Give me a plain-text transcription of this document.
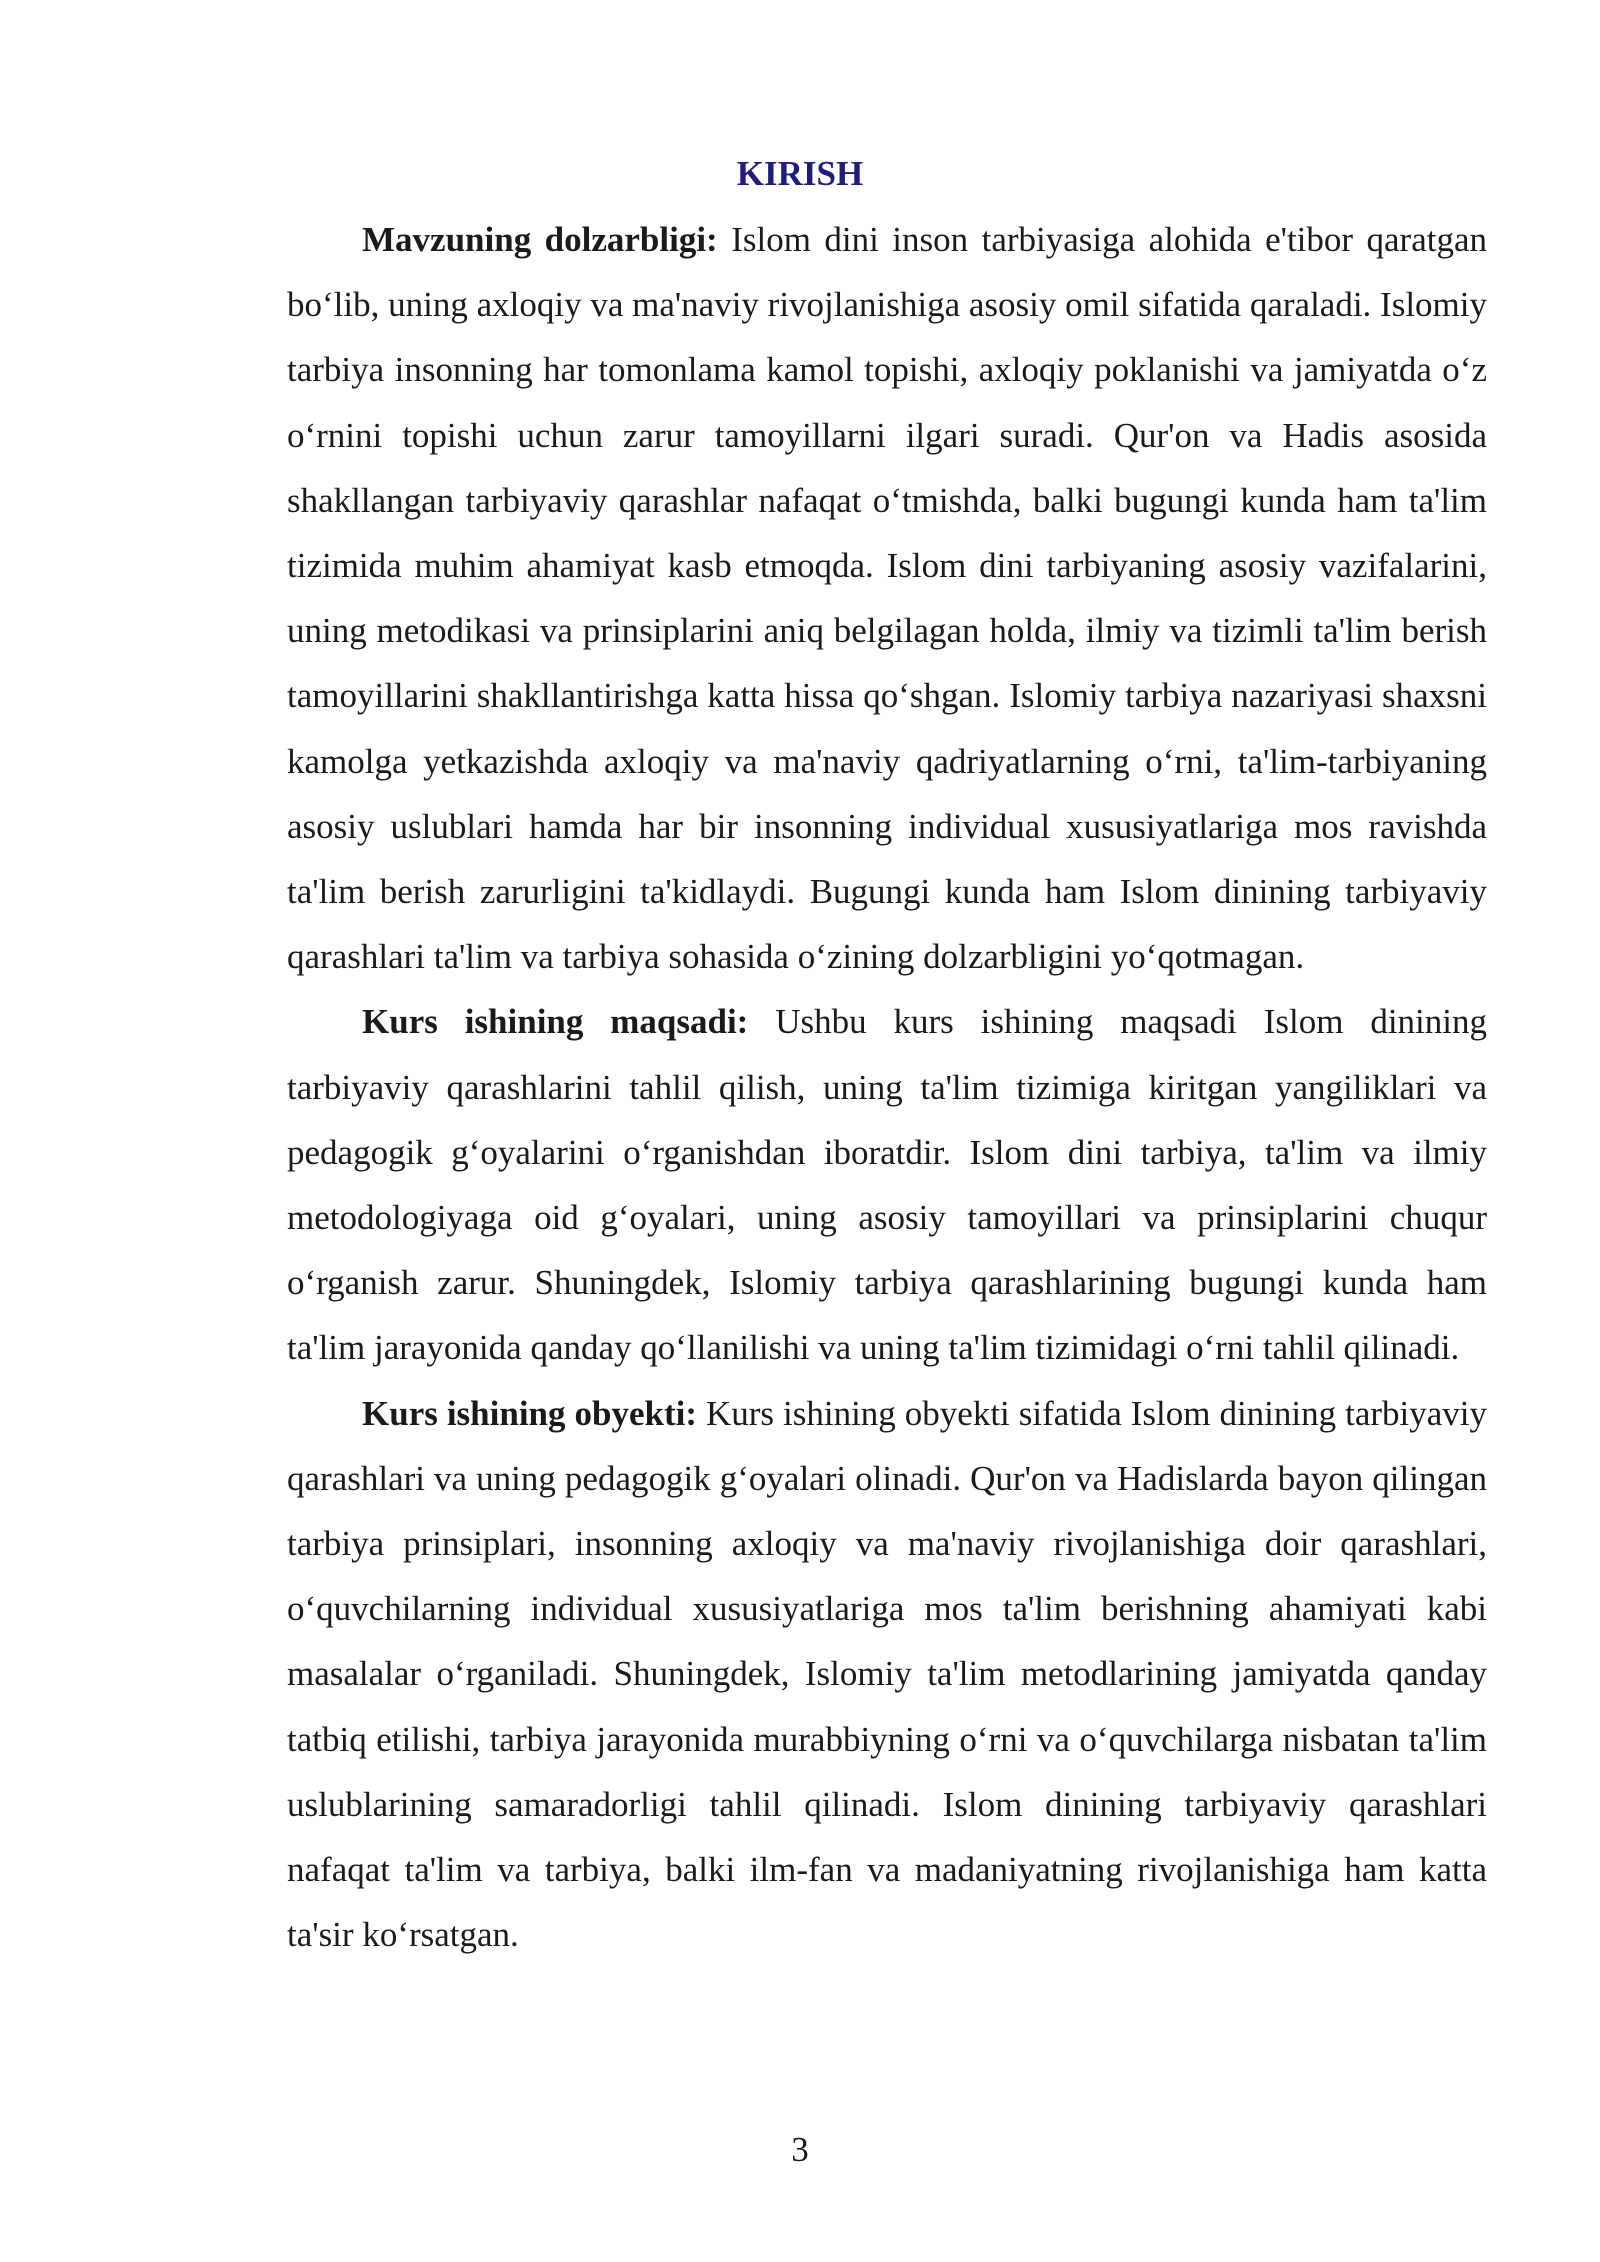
KIRISH

Mavzuning dolzarbligi: Islom dini inson tarbiyasiga alohida e'tibor qaratgan bo‘lib, uning axloqiy va ma'naviy rivojlanishiga asosiy omil sifatida qaraladi. Islomiy tarbiya insonning har tomonlama kamol topishi, axloqiy poklanishi va jamiyatda o‘z o‘rnini topishi uchun zarur tamoyillarni ilgari suradi. Qur'on va Hadis asosida shakllangan tarbiyaviy qarashlar nafaqat o‘tmishda, balki bugungi kunda ham ta'lim tizimida muhim ahamiyat kasb etmoqda. Islom dini tarbiyaning asosiy vazifalarini, uning metodikasi va prinsiplarini aniq belgilagan holda, ilmiy va tizimli ta'lim berish tamoyillarini shakllantirishga katta hissa qo‘shgan. Islomiy tarbiya nazariyasi shaxsni kamolga yetkazishda axloqiy va ma'naviy qadriyatlarning o‘rni, ta'lim-tarbiyaning asosiy uslublari hamda har bir insonning individual xususiyatlariga mos ravishda ta'lim berish zarurligini ta'kidlaydi. Bugungi kunda ham Islom dinining tarbiyaviy qarashlari ta'lim va tarbiya sohasida o‘zining dolzarbligini yo‘qotmagan.

Kurs ishining maqsadi: Ushbu kurs ishining maqsadi Islom dinining tarbiyaviy qarashlarini tahlil qilish, uning ta'lim tizimiga kiritgan yangiliklari va pedagogik g‘oyalarini o‘rganishdan iboratdir. Islom dini tarbiya, ta'lim va ilmiy metodologiyaga oid g‘oyalari, uning asosiy tamoyillari va prinsiplarini chuqur o‘rganish zarur. Shuningdek, Islomiy tarbiya qarashlarining bugungi kunda ham ta'lim jarayonida qanday qo‘llanilishi va uning ta'lim tizimidagi o‘rni tahlil qilinadi.

Kurs ishining obyekti: Kurs ishining obyekti sifatida Islom dinining tarbiyaviy qarashlari va uning pedagogik g‘oyalari olinadi. Qur'on va Hadislarda bayon qilingan tarbiya prinsiplari, insonning axloqiy va ma'naviy rivojlanishiga doir qarashlari, o‘quvchilarning individual xususiyatlariga mos ta'lim berishning ahamiyati kabi masalalar o‘rganiladi. Shuningdek, Islomiy ta'lim metodlarining jamiyatda qanday tatbiq etilishi, tarbiya jarayonida murabbiyning o‘rni va o‘quvchilarga nisbatan ta'lim uslublarining samaradorligi tahlil qilinadi. Islom dinining tarbiyaviy qarashlari nafaqat ta'lim va tarbiya, balki ilm-fan va madaniyatning rivojlanishiga ham katta ta'sir ko‘rsatgan.

3
